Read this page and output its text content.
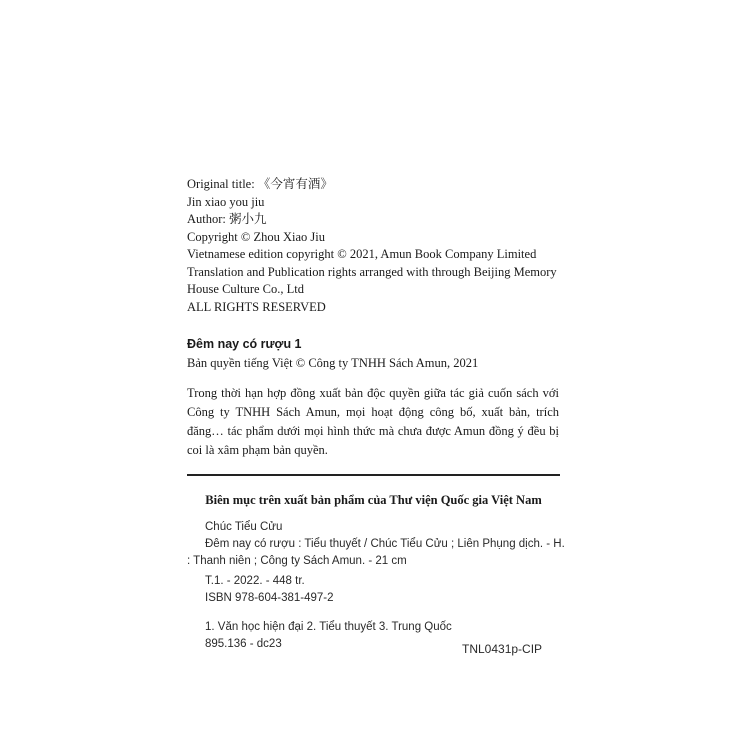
Original title: 《今宵有酒》
Jin xiao you jiu
Author: 粥小九
Copyright © Zhou Xiao Jiu
Vietnamese edition copyright © 2021, Amun Book Company Limited
Translation and Publication rights arranged with through Beijing Memory
House Culture Co., Ltd
ALL RIGHTS RESERVED
Đêm nay có rượu 1
Bản quyền tiếng Việt © Công ty TNHH Sách Amun, 2021
Trong thời hạn hợp đồng xuất bản độc quyền giữa tác giả cuốn sách với Công ty TNHH Sách Amun, mọi hoạt động công bố, xuất bản, trích đăng… tác phẩm dưới mọi hình thức mà chưa được Amun đồng ý đều bị coi là xâm phạm bản quyền.
Biên mục trên xuất bản phẩm của Thư viện Quốc gia Việt Nam
Chúc Tiểu Cửu
Đêm nay có rượu : Tiểu thuyết / Chúc Tiểu Cửu ; Liên Phụng dịch. - H.
: Thanh niên ; Công ty Sách Amun. - 21 cm
T.1. - 2022. - 448 tr.
ISBN 978-604-381-497-2
1. Văn học hiện đại 2. Tiểu thuyết 3. Trung Quốc
895.136 - dc23	TNL0431p-CIP
